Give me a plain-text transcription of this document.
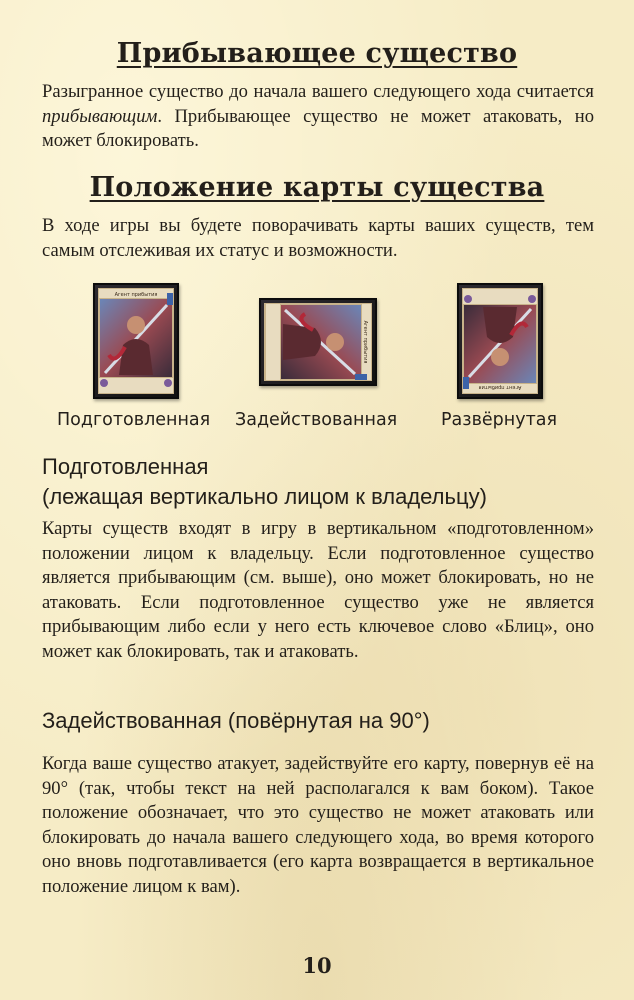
Прибывающее существо

Разыгранное существо до начала вашего следующего хода считается прибывающим. Прибывающее существо не может атаковать, но может блокировать.

Положение карты существа

В ходе игры вы будете поворачивать карты ваших существ, тем самым отслеживая их статус и возможности.

Агент прибытия
Агент прибытия
Агент прибытия
Подготовленная Задействованная	Развёрнутая
Подготовленная
(лежащая вертикально лицом к владельцу)

Карты существ входят в игру в вертикальном «подготовленном» положении лицом к владельцу. Если подготовленное существо является прибывающим (см. выше), оно может блокировать, но не атаковать. Если подготовленное существо уже не является прибывающим либо если у него есть ключевое слово «Блиц», оно может как блокировать, так и атаковать.

Задействованная (повёрнутая на 90°)

Когда ваше существо атакует, задействуйте его карту, повернув её на 90° (так, чтобы текст на ней располагался к вам боком). Такое положение обозначает, что это существо не может атаковать или блокировать до начала вашего следующего хода, во время которого оно вновь подготавливается (его карта возвращается в вертикальное положение лицом к вам).

10
